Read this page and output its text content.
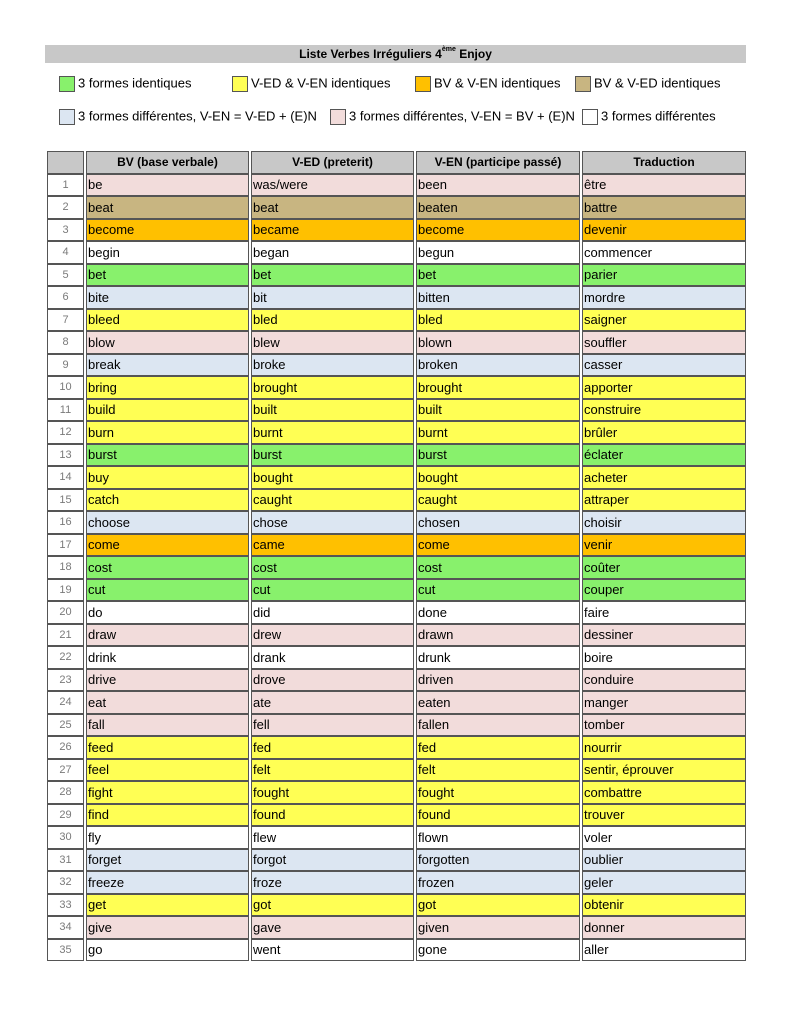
Liste Verbes Irréguliers 4ème Enjoy
3 formes identiques	V-ED & V-EN identiques	BV & V-EN identiques	BV & V-ED identiques
3 formes différentes, V-EN = V-ED + (E)N	3 formes différentes, V-EN = BV + (E)N	3 formes différentes
	BV (base verbale)	V-ED (preterit)	V-EN (participe passé)	Traduction
1	be	was/were	been	être
2	beat	beat	beaten	battre
3	become	became	become	devenir
4	begin	began	begun	commencer
5	bet	bet	bet	parier
6	bite	bit	bitten	mordre
7	bleed	bled	bled	saigner
8	blow	blew	blown	souffler
9	break	broke	broken	casser
10	bring	brought	brought	apporter
11	build	built	built	construire
12	burn	burnt	burnt	brûler
13	burst	burst	burst	éclater
14	buy	bought	bought	acheter
15	catch	caught	caught	attraper
16	choose	chose	chosen	choisir
17	come	came	come	venir
18	cost	cost	cost	coûter
19	cut	cut	cut	couper
20	do	did	done	faire
21	draw	drew	drawn	dessiner
22	drink	drank	drunk	boire
23	drive	drove	driven	conduire
24	eat	ate	eaten	manger
25	fall	fell	fallen	tomber
26	feed	fed	fed	nourrir
27	feel	felt	felt	sentir, éprouver
28	fight	fought	fought	combattre
29	find	found	found	trouver
30	fly	flew	flown	voler
31	forget	forgot	forgotten	oublier
32	freeze	froze	frozen	geler
33	get	got	got	obtenir
34	give	gave	given	donner
35	go	went	gone	aller
